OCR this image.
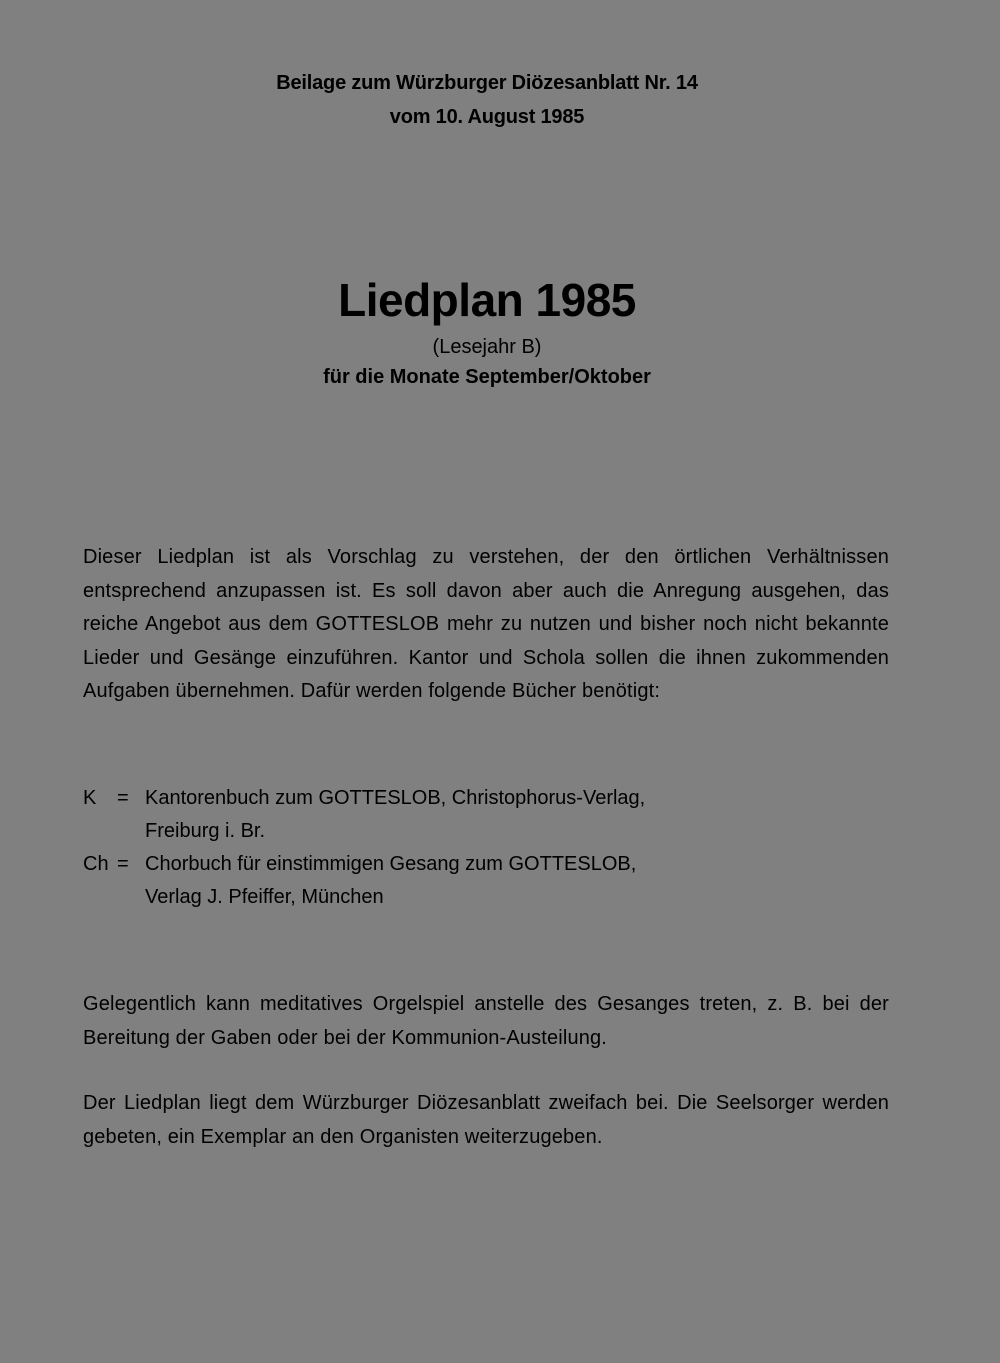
Beilage zum Würzburger Diözesanblatt Nr. 14
vom 10. August 1985
Liedplan 1985
(Lesejahr B)
für die Monate September/Oktober

Dieser Liedplan ist als Vorschlag zu verstehen, der den örtlichen Verhältnissen entsprechend anzupassen ist. Es soll davon aber auch die Anregung ausgehen, das reiche Angebot aus dem GOTTESLOB mehr zu nutzen und bisher noch nicht bekannte Lieder und Gesänge einzuführen. Kantor und Schola sollen die ihnen zukommenden Aufgaben übernehmen. Dafür werden folgende Bücher benötigt:

K	= Kantorenbuch zum GOTTESLOB, Christophorus-Verlag,
Freiburg i. Br.
Ch = Chorbuch für einstimmigen Gesang zum GOTTESLOB,
Verlag J. Pfeiffer, München

Gelegentlich kann meditatives Orgelspiel anstelle des Gesanges treten, z. B. bei der Bereitung der Gaben oder bei der Kommunion-Austeilung.

Der Liedplan liegt dem Würzburger Diözesanblatt zweifach bei. Die Seelsorger werden gebeten, ein Exemplar an den Organisten weiterzugeben.
